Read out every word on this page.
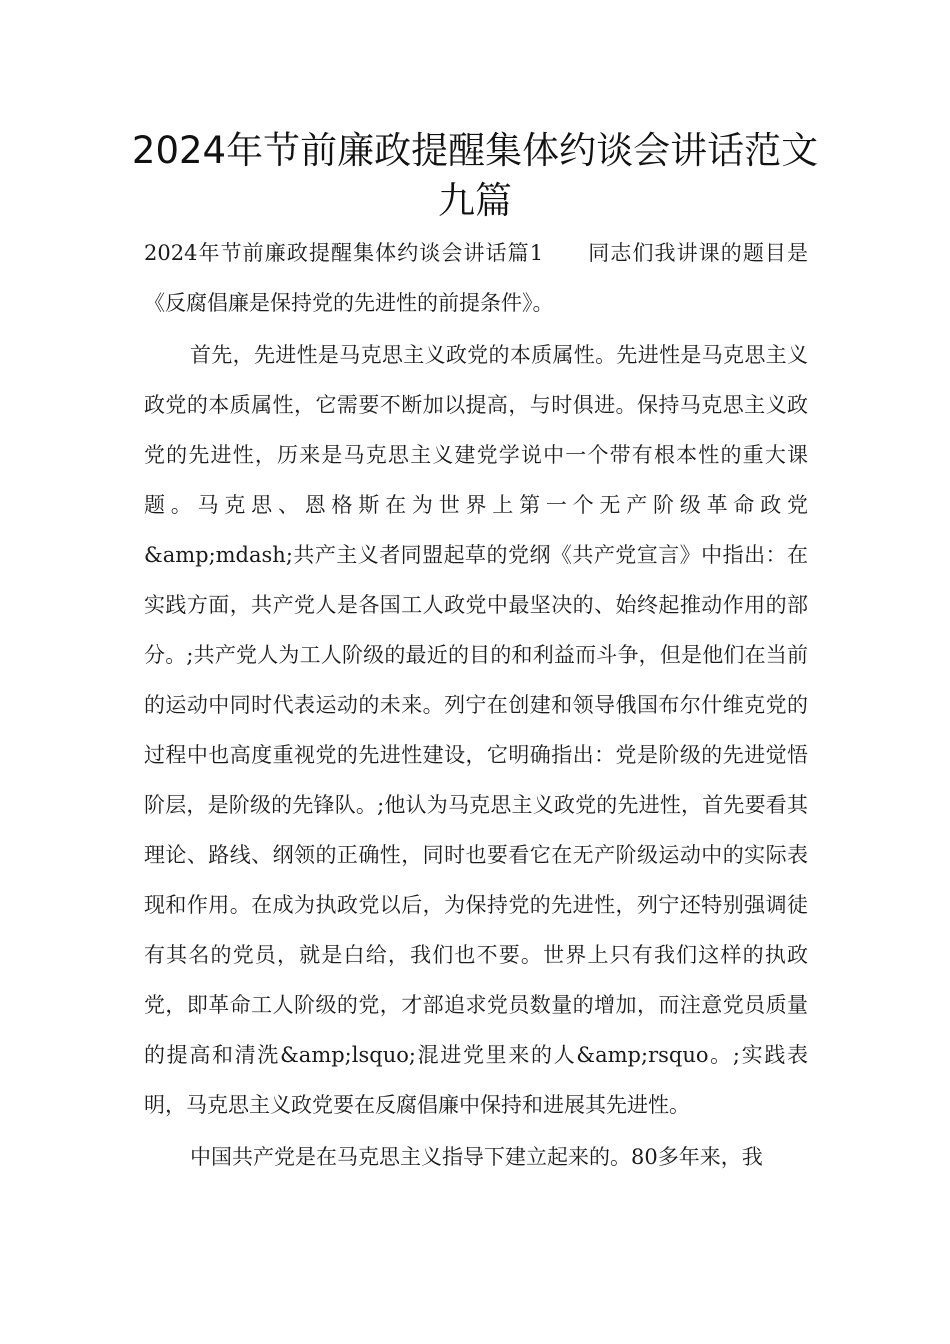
2024年节前廉政提醒集体约谈会讲话范文九篇

2024年节前廉政提醒集体约谈会讲话篇1　　同志们我讲课的题目是《反腐倡廉是保持党的先进性的前提条件》。

首先，先进性是马克思主义政党的本质属性。先进性是马克思主义政党的本质属性，它需要不断加以提高，与时俱进。保持马克思主义政党的先进性，历来是马克思主义建党学说中一个带有根本性的重大课题。马克思、恩格斯在为世界上第一个无产阶级革命政党&amp;mdash;共产主义者同盟起草的党纲《共产党宣言》中指出：在实践方面，共产党人是各国工人政党中最坚决的、始终起推动作用的部分。;共产党人为工人阶级的最近的目的和利益而斗争，但是他们在当前的运动中同时代表运动的未来。列宁在创建和领导俄国布尔什维克党的过程中也高度重视党的先进性建设，它明确指出：党是阶级的先进觉悟阶层，是阶级的先锋队。;他认为马克思主义政党的先进性，首先要看其理论、路线、纲领的正确性，同时也要看它在无产阶级运动中的实际表现和作用。在成为执政党以后，为保持党的先进性，列宁还特别强调徒有其名的党员，就是白给，我们也不要。世界上只有我们这样的执政党，即革命工人阶级的党，才部追求党员数量的增加，而注意党员质量的提高和清洗&amp;lsquo;混进党里来的人&amp;rsquo。;实践表明，马克思主义政党要在反腐倡廉中保持和进展其先进性。

中国共产党是在马克思主义指导下建立起来的。80多年来，我
